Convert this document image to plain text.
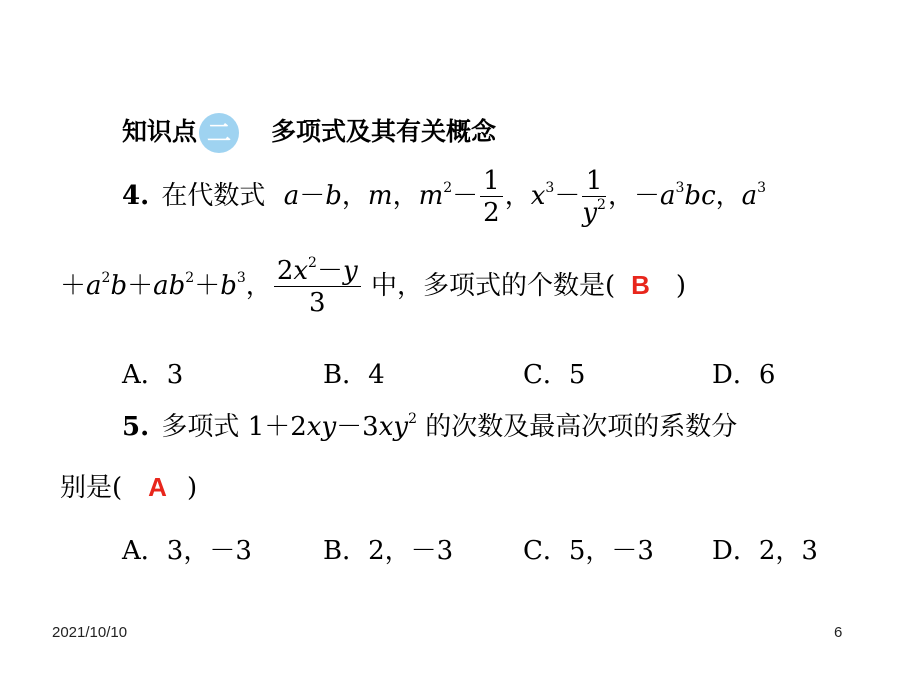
知识点 二 多项式及其有关概念
4. 在代数式 a－b，m，$m^2- \frac{1}{2}$ ，$x^3- \frac{1}{y^2}$ ，$-a^3bc$，$a^3$
$+a^2b+ab^2+b^3$， $\frac{2x^2-y}{3}$ 中，多项式的个数是( B )
A．3	B．4	C．5	D．6
5. 多项式 $1+2xy-3xy^2$ 的次数及最高次项的系数分
别是( A )
A．3，－3	B．2，－3	C．5，－3 D．2，3
2021/10/10	6
